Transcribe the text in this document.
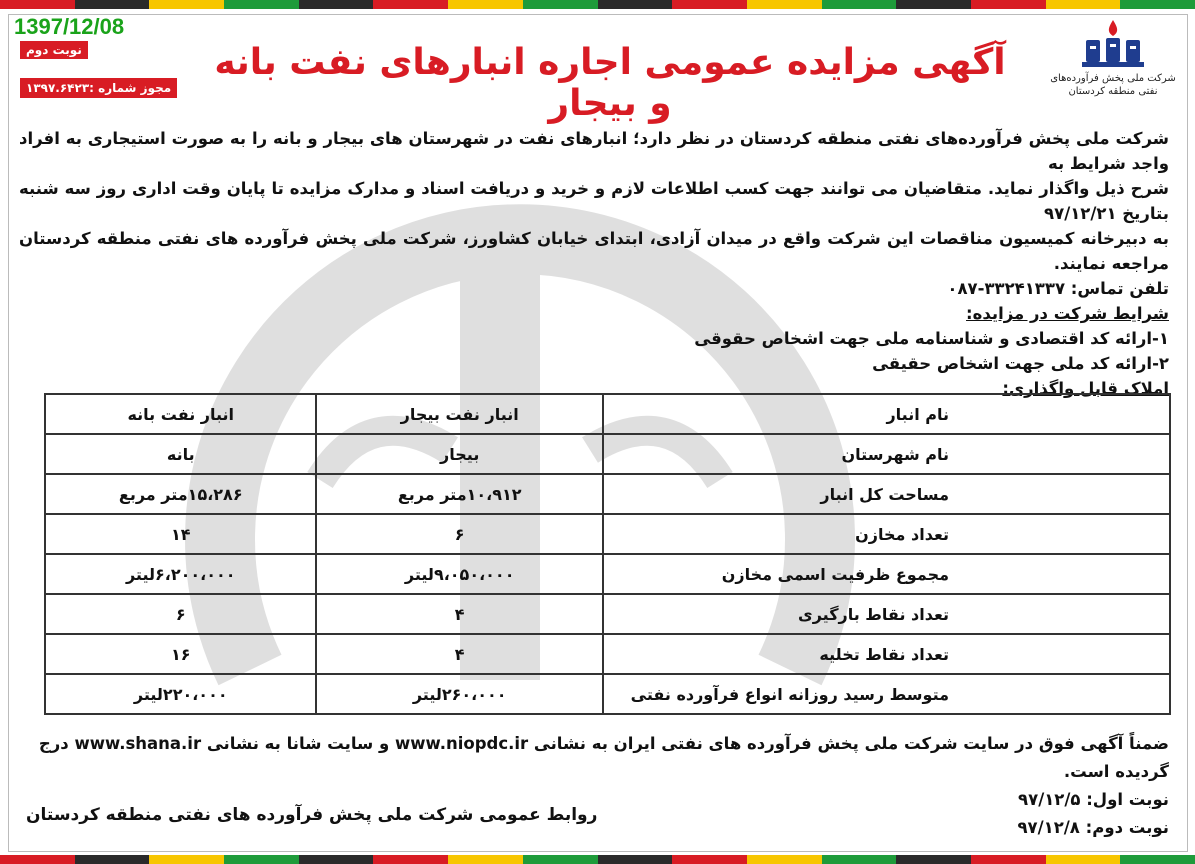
1397/12/08
نوبت دوم
مجوز شماره :۱۳۹۷.۶۴۲۳
آگهی مزایده عمومی اجاره انبارهای نفت بانه و بیجار
شرکت ملی پخش فرآورده‌های
نفتی منطقه کردستان
شرکت ملی پخش فرآورده‌های نفتی منطقه کردستان در نظر دارد؛ انبارهای نفت در شهرستان های بیجار و بانه را به صورت استیجاری به افراد واجد شرایط به
شرح ذیل واگذار نماید. متقاضیان می توانند جهت کسب اطلاعات لازم و خرید و دریافت اسناد و مدارک مزایده تا پایان وقت اداری روز سه شنبه بتاریخ ۹۷/۱۲/۲۱
به دبیرخانه کمیسیون مناقصات این شرکت واقع در میدان آزادی، ابتدای خیابان کشاورز، شرکت ملی پخش فرآورده های نفتی منطقه کردستان مراجعه نمایند.
تلفن تماس: ۳۳۲۴۱۳۳۷-۰۸۷
شرایط شرکت در مزایده:
۱-ارائه کد اقتصادی و شناسنامه ملی جهت اشخاص حقوقی
۲-ارائه کد ملی جهت اشخاص حقیقی
املاک قابل واگذاری:
نام انبار	انبار نفت بیجار	انبار نفت بانه
نام شهرستان	بیجار	بانه
مساحت کل انبار	۱۰،۹۱۲متر مربع	۱۵،۲۸۶متر مربع
تعداد مخازن	۶	۱۴
مجموع ظرفیت اسمی مخازن	۹،۰۵۰،۰۰۰لیتر	۶،۲۰۰،۰۰۰لیتر
تعداد نقاط بارگیری	۴	۶
تعداد نقاط تخلیه	۴	۱۶
متوسط رسید روزانه انواع فرآورده نفتی	۲۶۰،۰۰۰لیتر	۲۲۰،۰۰۰لیتر
ضمناً آگهی فوق در سایت شرکت ملی پخش فرآورده های نفتی ایران به نشانی www.niopdc.ir و سایت شانا به نشانی www.shana.ir درج گردیده است.
نوبت اول: ۹۷/۱۲/۵
نوبت دوم: ۹۷/۱۲/۸
روابط عمومی شرکت ملی پخش فرآورده های نفتی منطقه کردستان
